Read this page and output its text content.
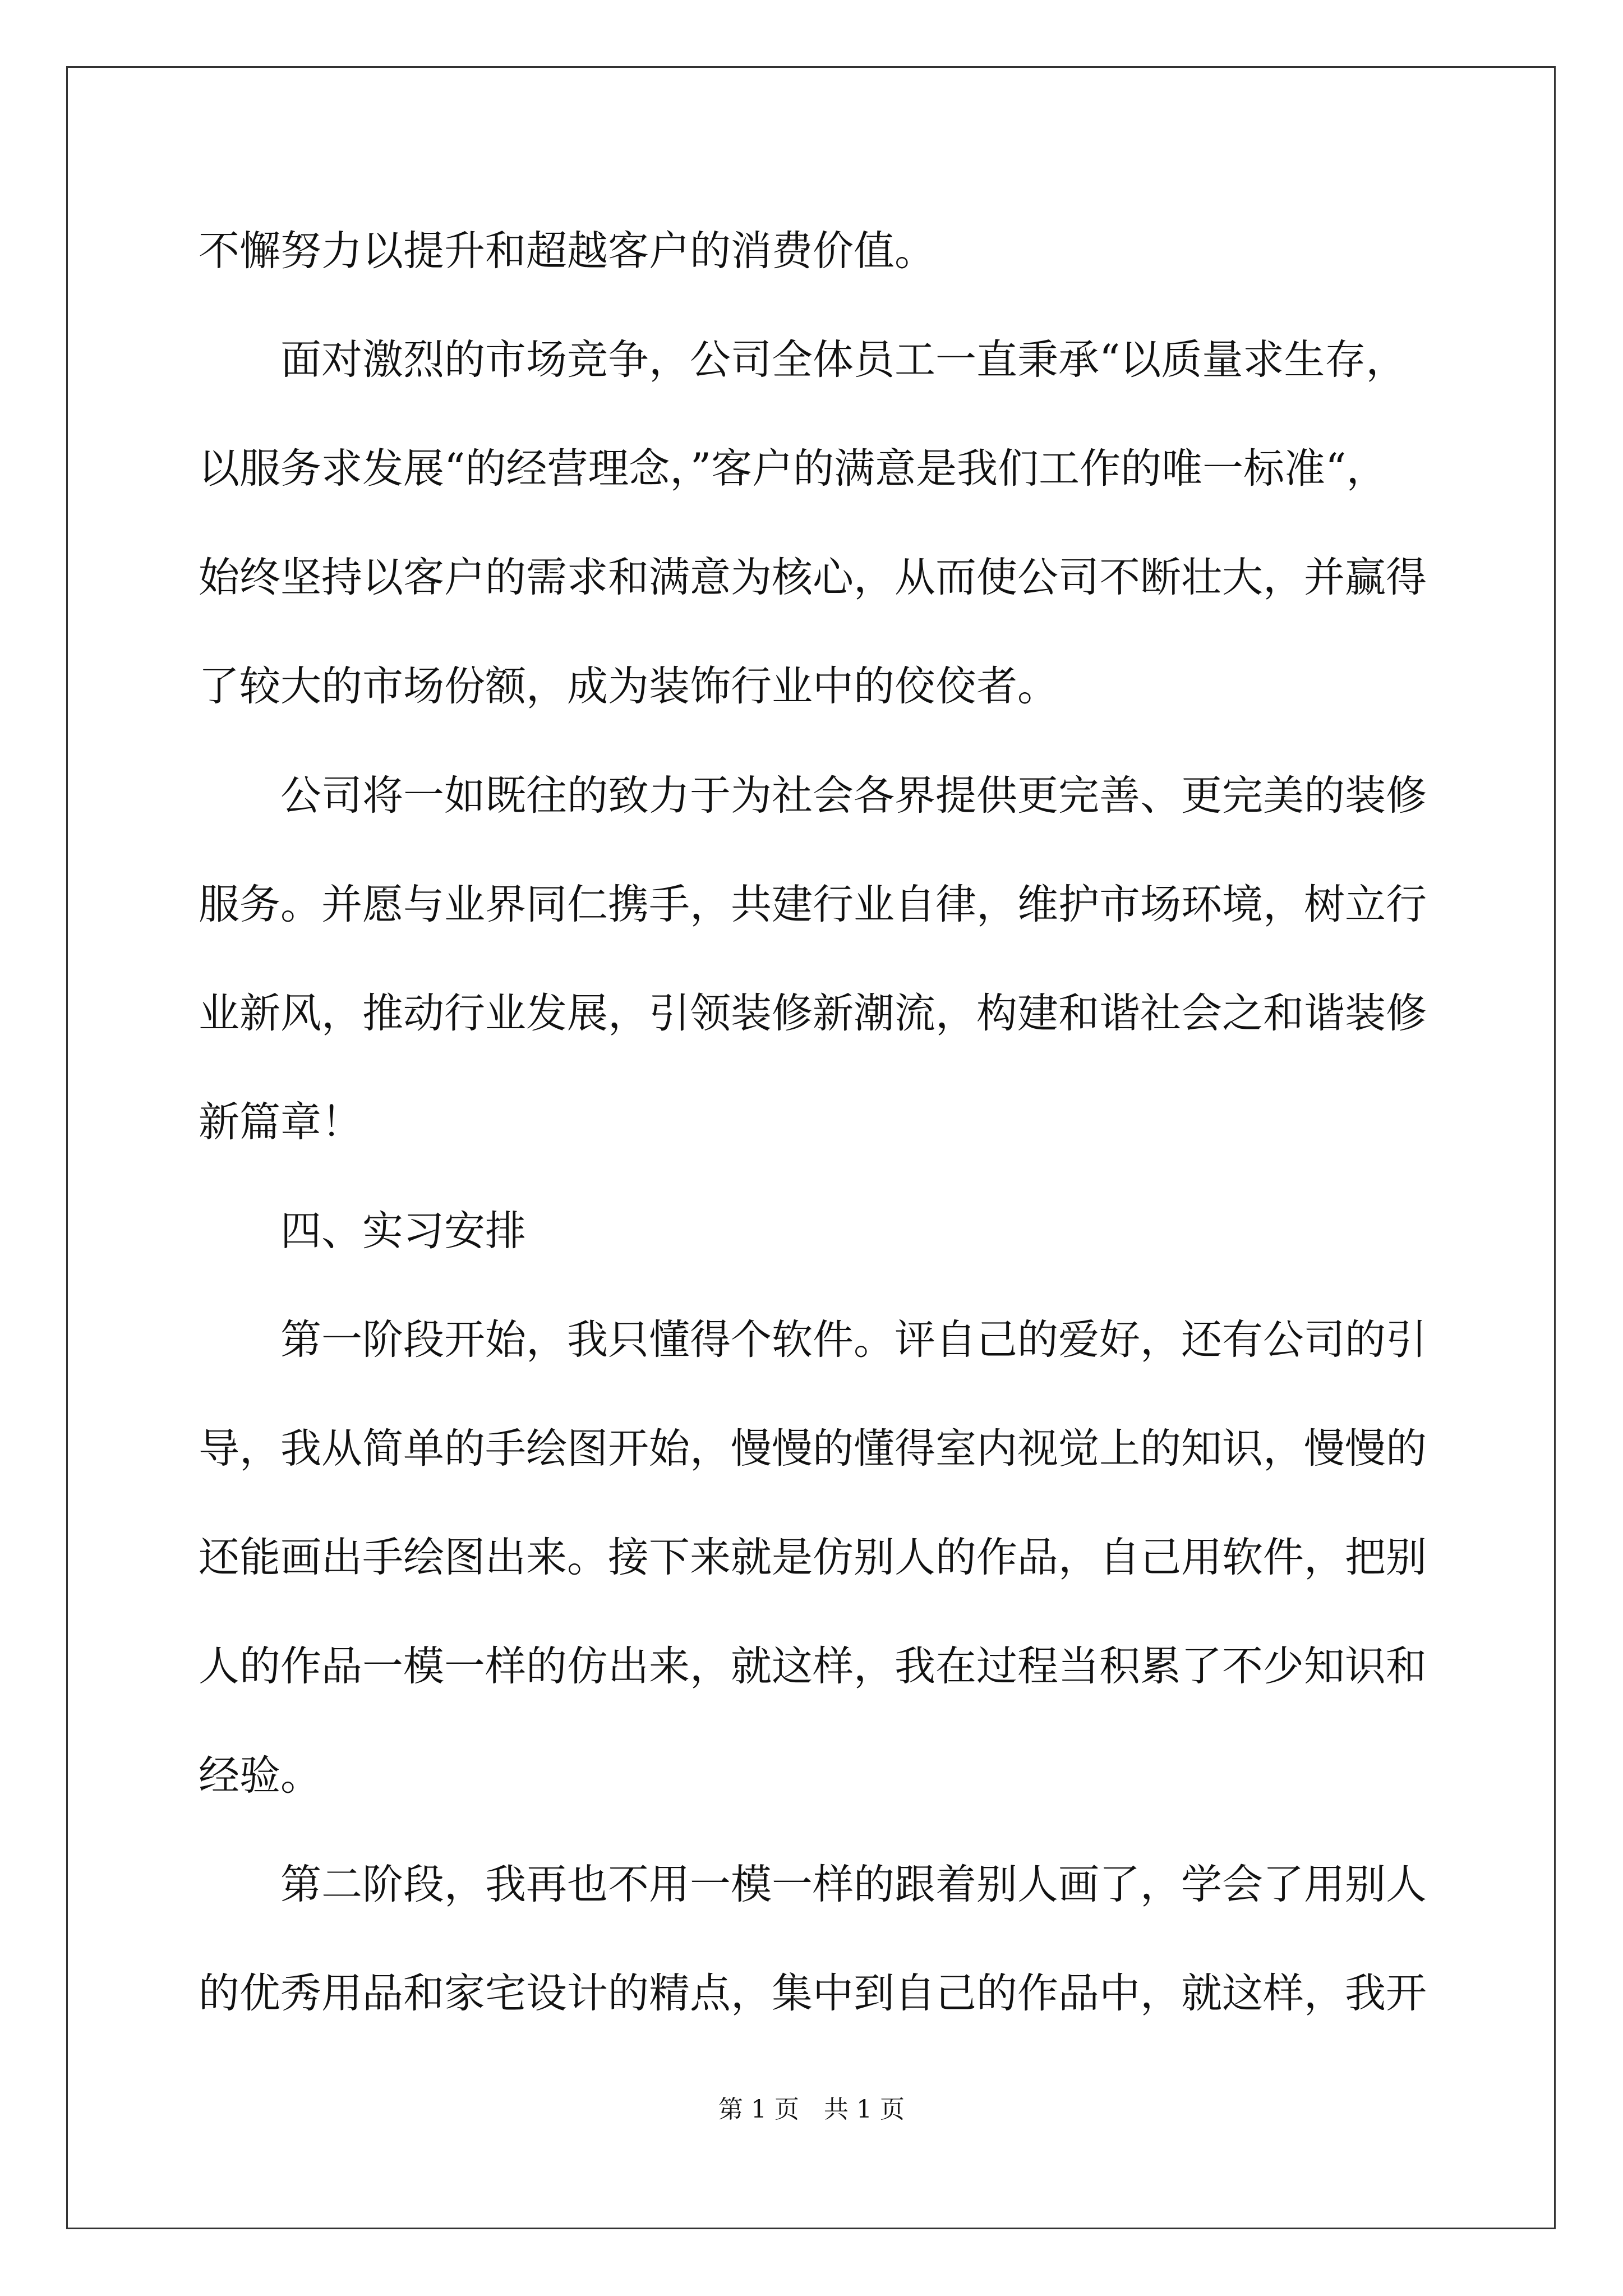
不懈努力以提升和超越客户的消费价值。
面对激烈的市场竞争，公司全体员工一直秉承“以质量求生存，
以服务求发展“的经营理念，”客户的满意是我们工作的唯一标准“，
始终坚持以客户的需求和满意为核心，从而使公司不断壮大，并赢得
了较大的市场份额，成为装饰行业中的佼佼者。
公司将一如既往的致力于为社会各界提供更完善、更完美的装修
服务。并愿与业界同仁携手，共建行业自律，维护市场环境，树立行
业新风，推动行业发展，引领装修新潮流，构建和谐社会之和谐装修
新篇章！
四、实习安排
第一阶段开始，我只懂得个软件。评自己的爱好，还有公司的引
导，我从简单的手绘图开始，慢慢的懂得室内视觉上的知识，慢慢的
还能画出手绘图出来。接下来就是仿别人的作品，自己用软件，把别
人的作品一模一样的仿出来，就这样，我在过程当积累了不少知识和
经验。
第二阶段，我再也不用一模一样的跟着别人画了，学会了用别人
的优秀用品和家宅设计的精点，集中到自己的作品中，就这样，我开
第 1 页　共 1 页
